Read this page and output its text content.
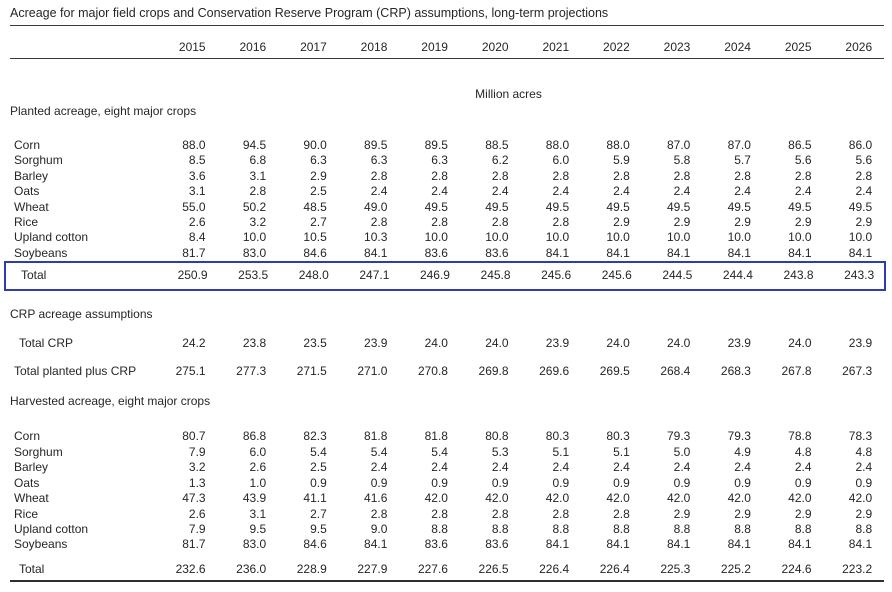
Acreage for major field crops and Conservation Reserve Program (CRP) assumptions, long-term projections
2015	2016	2017	2018	2019	2020	2021	2022	2023	2024	2025	2026
Million acres
Planted acreage, eight major crops
Corn	88.0	94.5	90.0	89.5	89.5	88.5	88.0	88.0	87.0	87.0	86.5	86.0
Sorghum	8.5	6.8	6.3	6.3	6.3	6.2	6.0	5.9	5.8	5.7	5.6	5.6
Barley	3.6	3.1	2.9	2.8	2.8	2.8	2.8	2.8	2.8	2.8	2.8	2.8
Oats	3.1	2.8	2.5	2.4	2.4	2.4	2.4	2.4	2.4	2.4	2.4	2.4
Wheat	55.0	50.2	48.5	49.0	49.5	49.5	49.5	49.5	49.5	49.5	49.5	49.5
Rice	2.6	3.2	2.7	2.8	2.8	2.8	2.8	2.9	2.9	2.9	2.9	2.9
Upland cotton	8.4	10.0	10.5	10.3	10.0	10.0	10.0	10.0	10.0	10.0	10.0	10.0
Soybeans	81.7	83.0	84.6	84.1	83.6	83.6	84.1	84.1	84.1	84.1	84.1	84.1
Total	250.9	253.5	248.0	247.1	246.9	245.8	245.6	245.6	244.5	244.4	243.8	243.3
CRP acreage assumptions
Total CRP	24.2	23.8	23.5	23.9	24.0	24.0	23.9	24.0	24.0	23.9	24.0	23.9
Total planted plus CRP	275.1	277.3	271.5	271.0	270.8	269.8	269.6	269.5	268.4	268.3	267.8	267.3
Harvested acreage, eight major crops
Corn	80.7	86.8	82.3	81.8	81.8	80.8	80.3	80.3	79.3	79.3	78.8	78.3
Sorghum	7.9	6.0	5.4	5.4	5.4	5.3	5.1	5.1	5.0	4.9	4.8	4.8
Barley	3.2	2.6	2.5	2.4	2.4	2.4	2.4	2.4	2.4	2.4	2.4	2.4
Oats	1.3	1.0	0.9	0.9	0.9	0.9	0.9	0.9	0.9	0.9	0.9	0.9
Wheat	47.3	43.9	41.1	41.6	42.0	42.0	42.0	42.0	42.0	42.0	42.0	42.0
Rice	2.6	3.1	2.7	2.8	2.8	2.8	2.8	2.8	2.9	2.9	2.9	2.9
Upland cotton	7.9	9.5	9.5	9.0	8.8	8.8	8.8	8.8	8.8	8.8	8.8	8.8
Soybeans	81.7	83.0	84.6	84.1	83.6	83.6	84.1	84.1	84.1	84.1	84.1	84.1
Total	232.6	236.0	228.9	227.9	227.6	226.5	226.4	226.4	225.3	225.2	224.6	223.2
